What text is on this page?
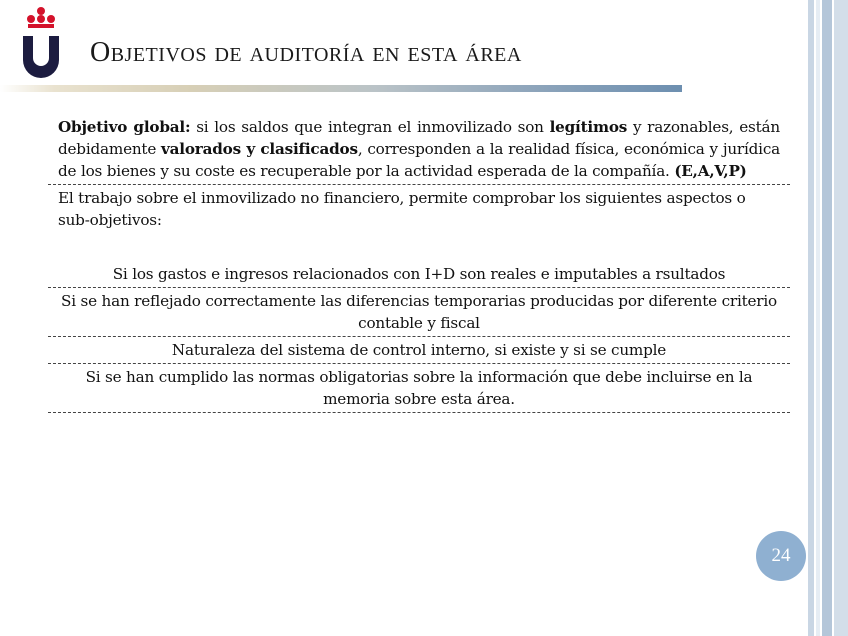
Objetivos de auditoría en esta área
Objetivo global: si los saldos que integran el inmovilizado son legítimos y razonables, están debidamente valorados y clasificados, corresponden a la realidad física, económica y jurídica de los bienes y su coste es recuperable por la actividad esperada de la compañía. (E,A,V,P)
El trabajo sobre el inmovilizado no financiero, permite comprobar los siguientes aspectos o sub-objetivos:
Si los gastos e ingresos relacionados con I+D son reales e imputables a rsultados
Si se han reflejado correctamente las diferencias temporarias producidas por diferente criterio contable y fiscal
Naturaleza del sistema de control interno, si existe y si se cumple
Si se han cumplido las normas obligatorias sobre la información que debe incluirse en la memoria sobre esta área.
24
